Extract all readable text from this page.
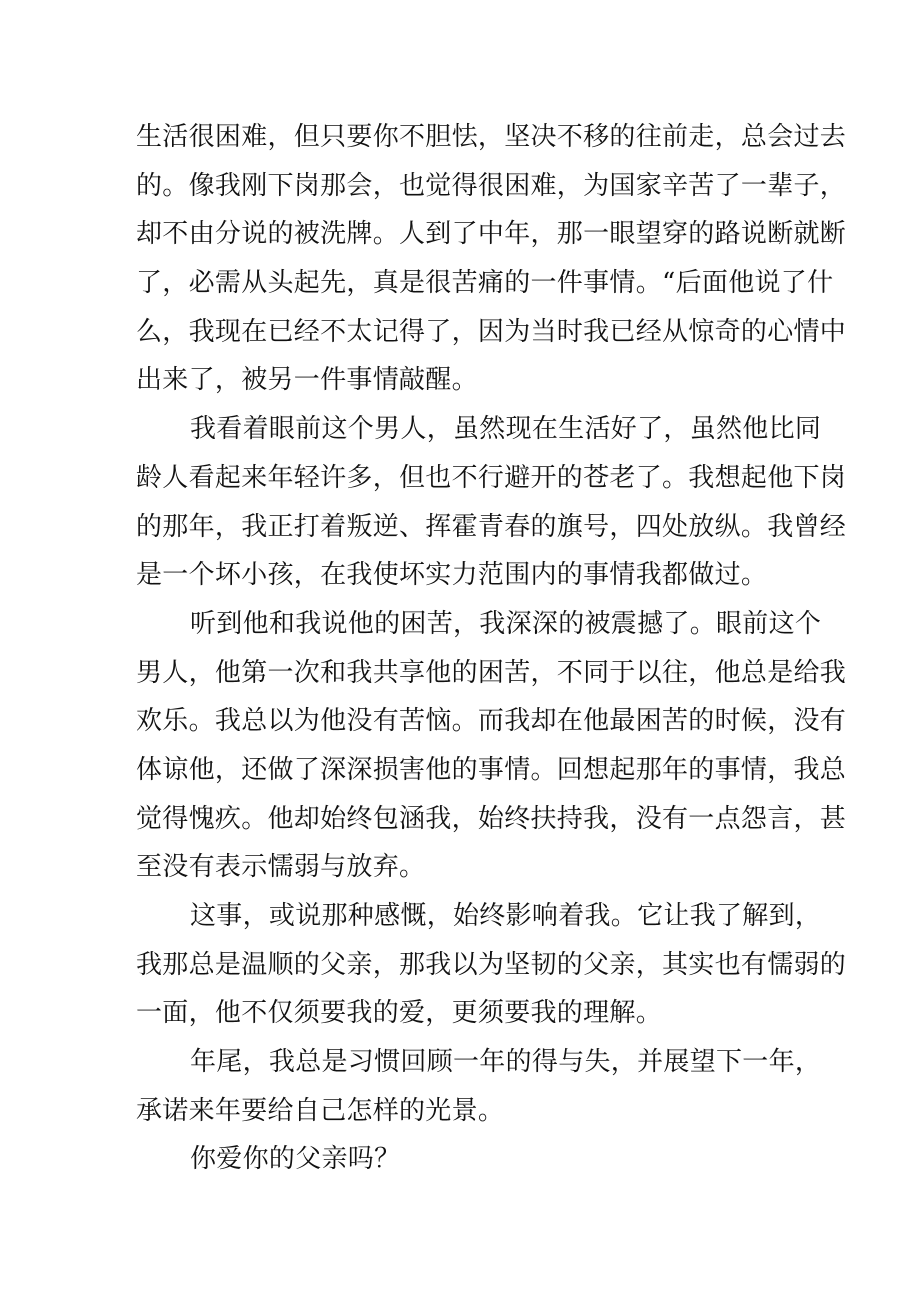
生活很困难，但只要你不胆怯，坚决不移的往前走，总会过去
的。像我刚下岗那会，也觉得很困难，为国家辛苦了一辈子，
却不由分说的被洗牌。人到了中年，那一眼望穿的路说断就断
了，必需从头起先，真是很苦痛的一件事情。“后面他说了什
么，我现在已经不太记得了，因为当时我已经从惊奇的心情中
出来了，被另一件事情敲醒。
我看着眼前这个男人，虽然现在生活好了，虽然他比同
龄人看起来年轻许多，但也不行避开的苍老了。我想起他下岗
的那年，我正打着叛逆、挥霍青春的旗号，四处放纵。我曾经
是一个坏小孩，在我使坏实力范围内的事情我都做过。
听到他和我说他的困苦，我深深的被震撼了。眼前这个
男人，他第一次和我共享他的困苦，不同于以往，他总是给我
欢乐。我总以为他没有苦恼。而我却在他最困苦的时候，没有
体谅他，还做了深深损害他的事情。回想起那年的事情，我总
觉得愧疚。他却始终包涵我，始终扶持我，没有一点怨言，甚
至没有表示懦弱与放弃。
这事，或说那种感慨，始终影响着我。它让我了解到，
我那总是温顺的父亲，那我以为坚韧的父亲，其实也有懦弱的
一面，他不仅须要我的爱，更须要我的理解。
年尾，我总是习惯回顾一年的得与失，并展望下一年，
承诺来年要给自己怎样的光景。
你爱你的父亲吗？
